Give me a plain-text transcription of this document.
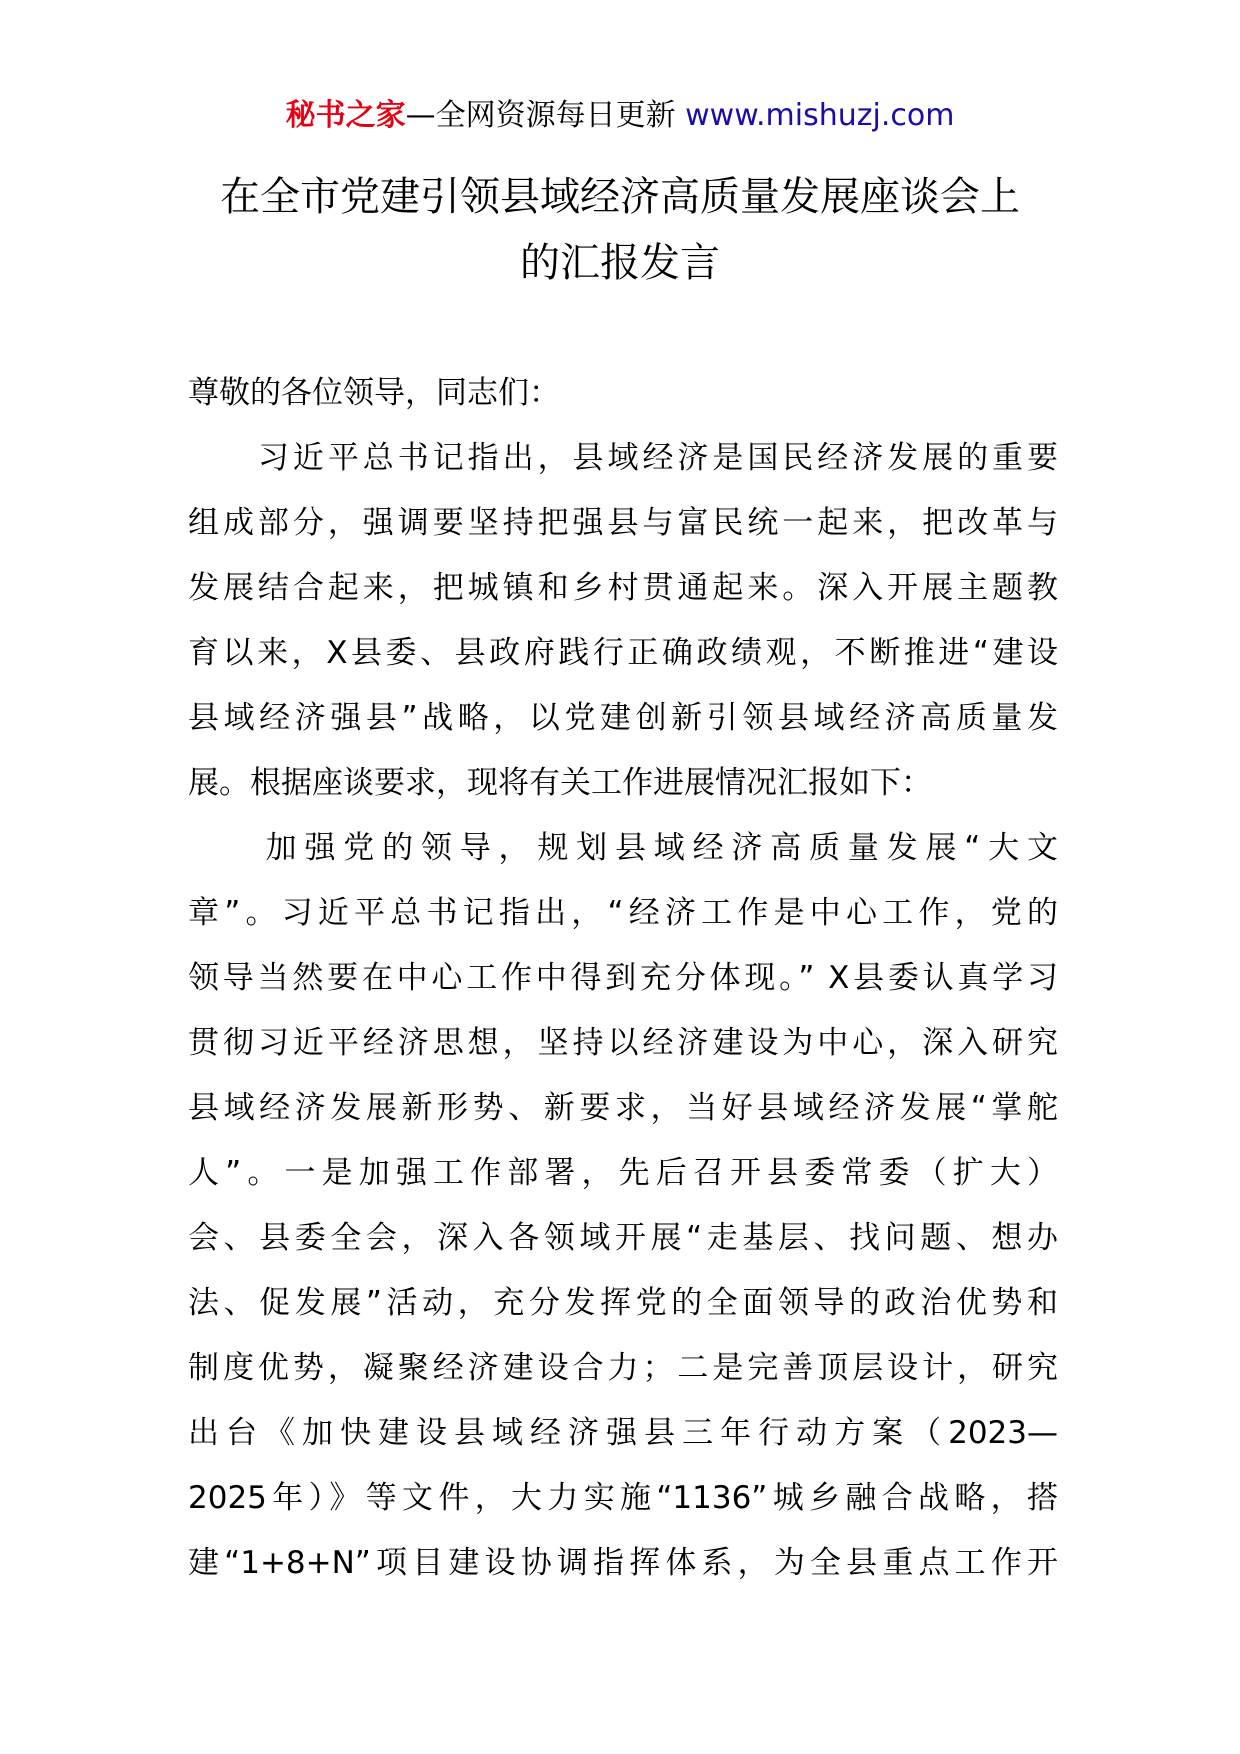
秘书之家—全网资源每日更新 www.mishuzj.com
在全市党建引领县域经济高质量发展座谈会上
的汇报发言

尊敬的各位领导，同志们：

　　习近平总书记指出，县域经济是国民经济发展的重要
组成部分，强调要坚持把强县与富民统一起来，把改革与
发展结合起来，把城镇和乡村贯通起来。深入开展主题教
育以来，X县委、县政府践行正确政绩观，不断推进“建设
县域经济强县”战略，以党建创新引领县域经济高质量发
展。根据座谈要求，现将有关工作进展情况汇报如下：

　　加强党的领导，规划县域经济高质量发展“大文
章”。习近平总书记指出，“经济工作是中心工作，党的
领导当然要在中心工作中得到充分体现。” X县委认真学习
贯彻习近平经济思想，坚持以经济建设为中心，深入研究
县域经济发展新形势、新要求，当好县域经济发展“掌舵
人”。一是加强工作部署，先后召开县委常委（扩大）
会、县委全会，深入各领域开展“走基层、找问题、想办
法、促发展”活动，充分发挥党的全面领导的政治优势和
制度优势，凝聚经济建设合力；二是完善顶层设计，研究
出台《加快建设县域经济强县三年行动方案（2023—
2025年）》等文件，大力实施“1136”城乡融合战略，搭
建“1+8+N”项目建设协调指挥体系，为全县重点工作开
